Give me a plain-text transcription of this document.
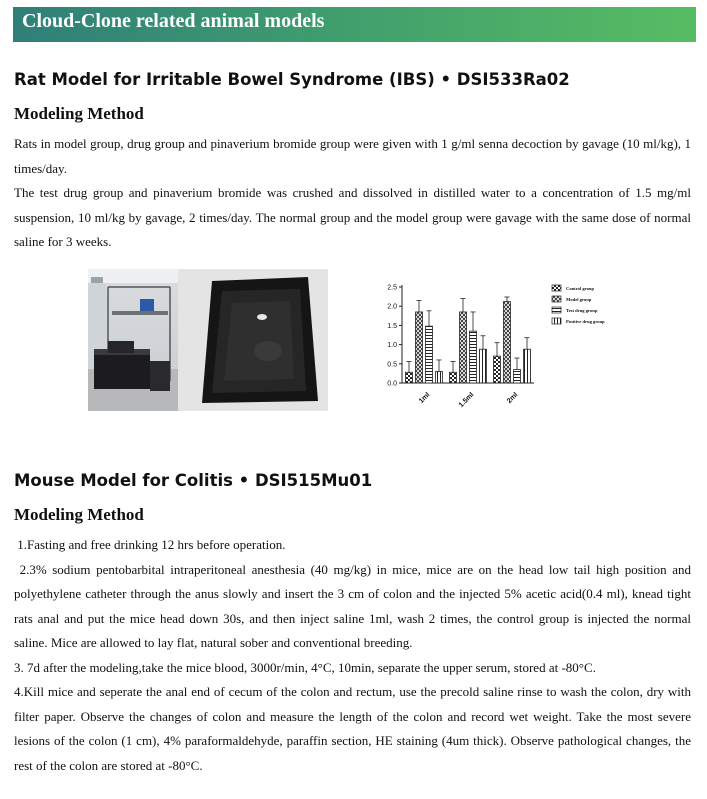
Cloud-Clone related animal models
Rat Model for Irritable Bowel Syndrome (IBS) • DSI533Ra02
Modeling Method

Rats in model group, drug group and pinaverium bromide group were given with 1 g/ml senna decoction by gavage (10 ml/kg), 1 times/day.

The test drug group and pinaverium bromide was crushed and dissolved in distilled water to a concentration of 1.5 mg/ml suspension, 10 ml/kg by gavage, 2 times/day. The normal group and the model group were gavage with the same dose of normal saline for 3 weeks.

0.0
0.5
1.0
1.5
2.0
2.5
1ml	1.5ml	2ml
Control group
Model group
Test drug group
Positive drug group
Mouse Model for Colitis • DSI515Mu01
Modeling Method

1.Fasting and free drinking 12 hrs before operation.

2.3% sodium pentobarbital intraperitoneal anesthesia (40 mg/kg) in mice, mice are on the head low tail high position and polyethylene catheter through the anus slowly and insert the 3 cm of colon and the injected 5% acetic acid(0.4 ml), knead tight rats anal and put the mice head down 30s, and then inject saline 1ml, wash 2 times, the control group is injected the normal saline. Mice are allowed to lay flat, natural sober and conventional breeding.

3. 7d after the modeling,take the mice blood, 3000r/min, 4°C, 10min, separate the upper serum, stored at -80°C.

4.Kill mice and seperate the anal end of cecum of the colon and rectum, use the precold saline rinse to wash the colon, dry with filter paper. Observe the changes of colon and measure the length of the colon and record wet weight. Take the most severe lesions of the colon (1 cm), 4% paraformaldehyde, paraffin section, HE staining (4um thick). Observe pathological changes, the rest of the colon are stored at -80°C.
